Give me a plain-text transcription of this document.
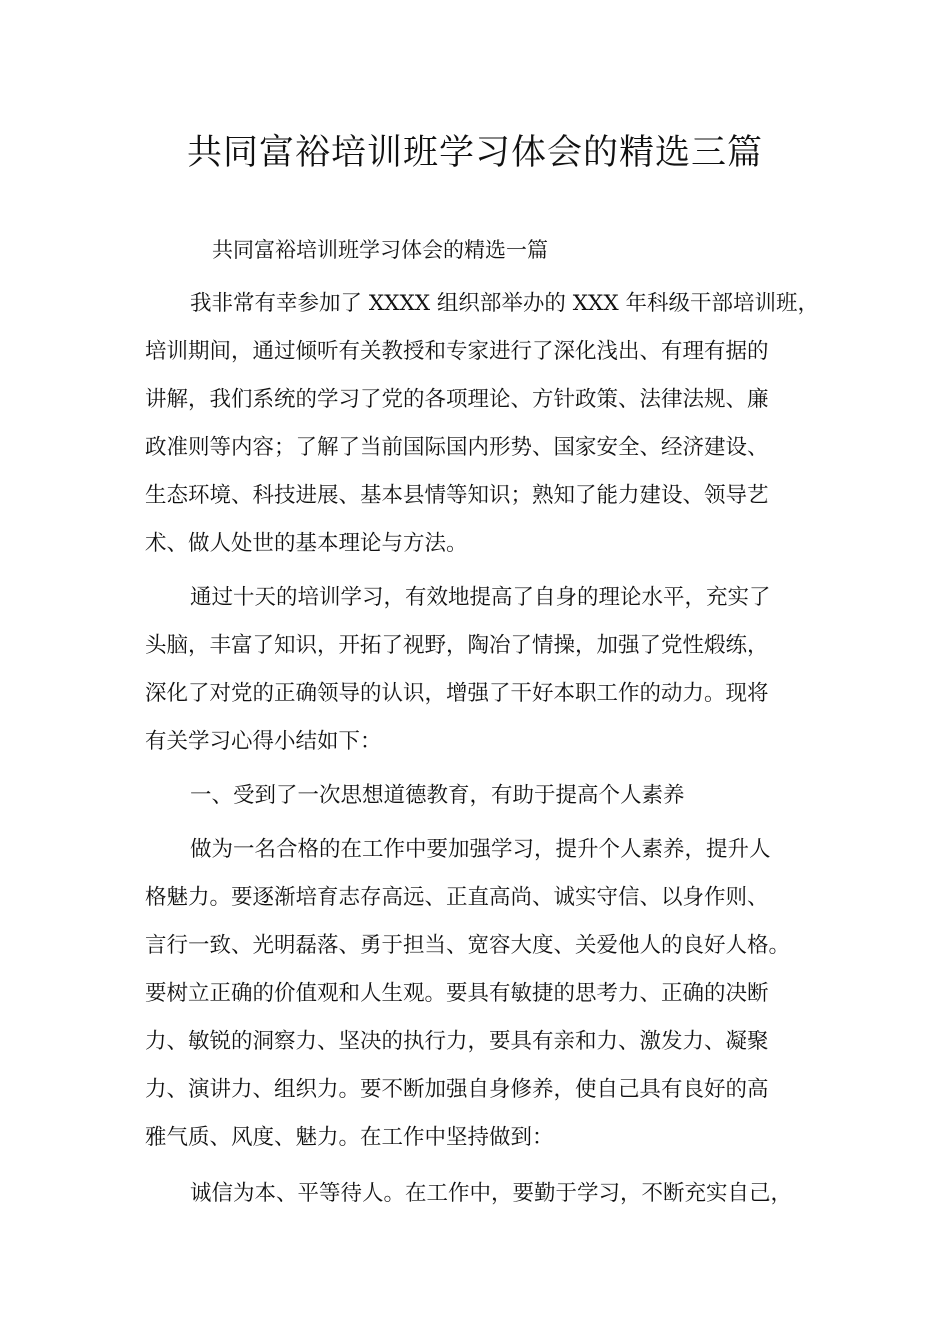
共同富裕培训班学习体会的精选三篇
共同富裕培训班学习体会的精选一篇

我非常有幸参加了 XXXX 组织部举办的 XXX 年科级干部培训班，

培训期间，通过倾听有关教授和专家进行了深化浅出、有理有据的

讲解，我们系统的学习了党的各项理论、方针政策、法律法规、廉

政准则等内容；了解了当前国际国内形势、国家安全、经济建设、

生态环境、科技进展、基本县情等知识；熟知了能力建设、领导艺

术、做人处世的基本理论与方法。

通过十天的培训学习，有效地提高了自身的理论水平，充实了

头脑，丰富了知识，开拓了视野，陶冶了情操，加强了党性煅练，

深化了对党的正确领导的认识，增强了干好本职工作的动力。现将

有关学习心得小结如下：

一、受到了一次思想道德教育，有助于提高个人素养

做为一名合格的在工作中要加强学习，提升个人素养，提升人

格魅力。要逐渐培育志存高远、正直高尚、诚实守信、以身作则、

言行一致、光明磊落、勇于担当、宽容大度、关爱他人的良好人格。

要树立正确的价值观和人生观。要具有敏捷的思考力、正确的决断

力、敏锐的洞察力、坚决的执行力，要具有亲和力、激发力、凝聚

力、演讲力、组织力。要不断加强自身修养，使自己具有良好的高

雅气质、风度、魅力。在工作中坚持做到：

诚信为本、平等待人。在工作中，要勤于学习，不断充实自己，
